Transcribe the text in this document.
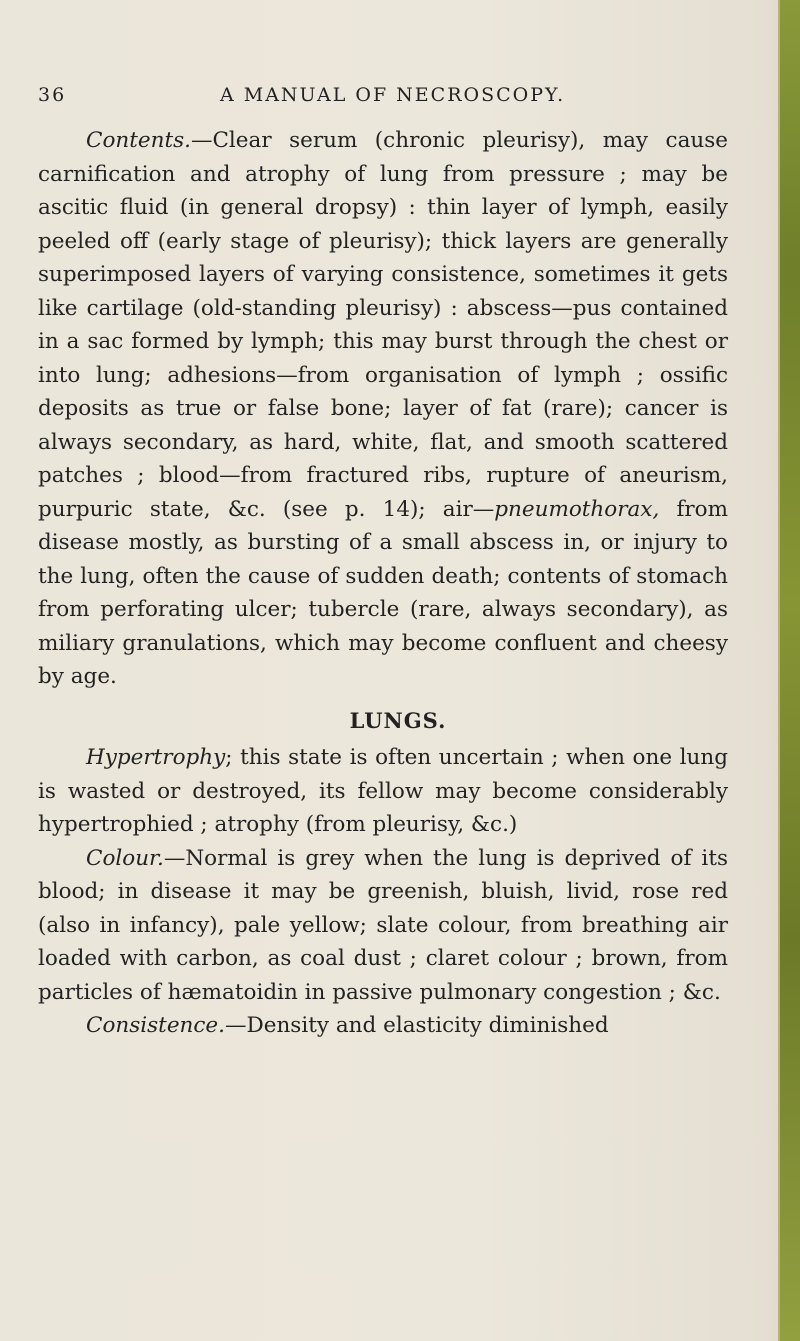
36	A MANUAL OF NECROSCOPY.

Contents.—Clear serum (chronic pleurisy), may cause carnification and atrophy of lung from pressure ; may be ascitic fluid (in general dropsy) : thin layer of lymph, easily peeled off (early stage of pleurisy); thick layers are generally superimposed layers of varying consistence, sometimes it gets like cartilage (old-standing pleurisy) : abscess—pus contained in a sac formed by lymph; this may burst through the chest or into lung; adhesions—from organisation of lymph ; ossific deposits as true or false bone; layer of fat (rare); cancer is always secondary, as hard, white, flat, and smooth scattered patches ; blood—from fractured ribs, rupture of aneurism, purpuric state, &c. (see p. 14); air—pneumothorax, from disease mostly, as bursting of a small abscess in, or injury to the lung, often the cause of sudden death; contents of stomach from perforating ulcer; tubercle (rare, always secondary), as miliary granulations, which may become confluent and cheesy by age.

LUNGS.

Hypertrophy; this state is often uncertain ; when one lung is wasted or destroyed, its fellow may become considerably hypertrophied ; atrophy (from pleurisy, &c.)

Colour.—Normal is grey when the lung is deprived of its blood; in disease it may be greenish, bluish, livid, rose red (also in infancy), pale yellow; slate colour, from breathing air loaded with carbon, as coal dust ; claret colour ; brown, from particles of hæmatoidin in passive pulmonary congestion ; &c.

Consistence.—Density and elasticity diminished
